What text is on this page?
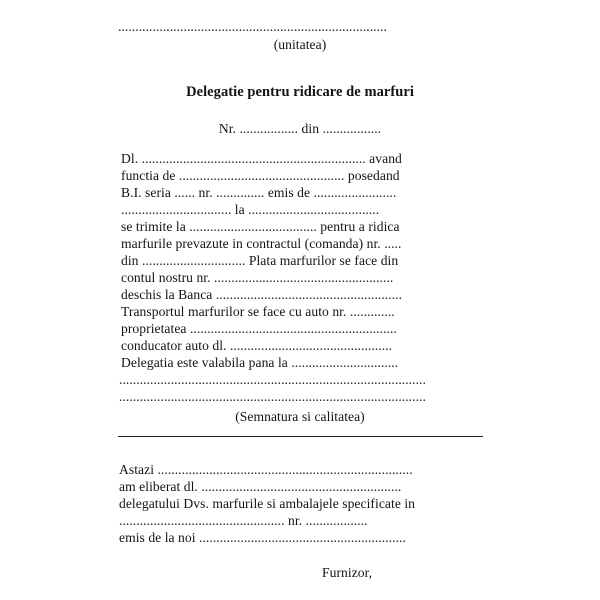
..............................................................................
(unitatea)
Delegatie pentru ridicare de marfuri
Nr. ................. din .................
Dl. ................................................................. avand
functia de ................................................ posedand
B.I. seria ...... nr. .............. emis de ........................
................................ la ......................................
se trimite la ..................................... pentru a ridica
marfurile prevazute in contractul (comanda) nr. .....
din .............................. Plata marfurilor se face din
contul nostru nr. ....................................................
deschis la Banca ......................................................
Transportul marfurilor se face cu auto nr. .............
proprietatea ............................................................
conducator auto dl. ...............................................
Delegatia este valabila pana la ...............................
.........................................................................................
.........................................................................................
(Semnatura si calitatea)
Astazi ..........................................................................
am eliberat dl. ..........................................................
delegatului Dvs. marfurile si ambalajele specificate in
................................................ nr. ..................
emis de la noi ............................................................
Furnizor,
